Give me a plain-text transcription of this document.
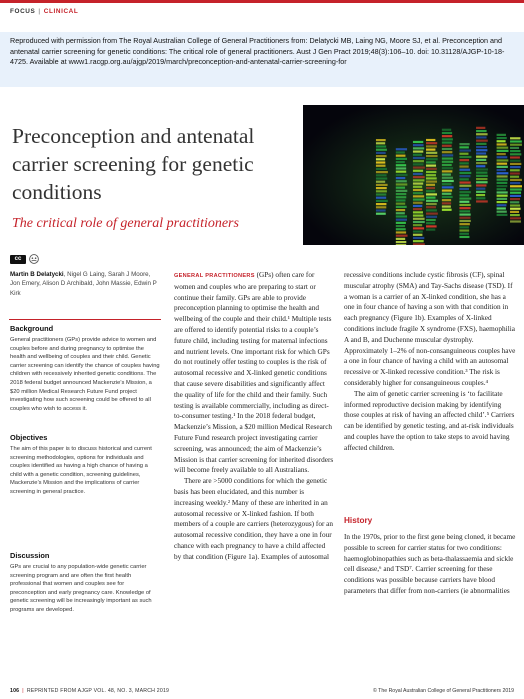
FOCUS | CLINICAL
Reproduced with permission from The Royal Australian College of General Practitioners from: Delatycki MB, Laing NG, Moore SJ, et al. Preconception and antenatal carrier screening for genetic conditions: The critical role of general practitioners. Aust J Gen Pract 2019;48(3):106–10. doi: 10.31128/AJGP-10-18-4725. Available at www1.racgp.org.au/ajgp/2019/march/preconception-and-antenatal-carrier-screening-for
Preconception and antenatal carrier screening for genetic conditions
The critical role of general practitioners
cc
Martin B Delatycki, Nigel G Laing, Sarah J Moore, Jon Emery, Alison D Archibald, John Massie, Edwin P Kirk
Background
General practitioners (GPs) provide advice to women and couples before and during pregnancy to optimise the health and wellbeing of couples and their child. Genetic carrier screening can identify the chance of couples having children with recessively inherited genetic conditions. The 2018 federal budget announced Mackenzie’s Mission, a $20 million Medical Research Future Fund project investigating how such screening could be offered to all couples who wish to access it.
Objectives
The aim of this paper is to discuss historical and current screening methodologies, options for individuals and couples identified as having a high chance of having a child with a genetic condition, screening guidelines, Mackenzie’s Mission and the implications of carrier screening in general practice.
Discussion
GPs are crucial to any population-wide genetic carrier screening program and are often the first health professional that women and couples see for preconception and early pregnancy care. Knowledge of genetic screening will be increasingly important as such programs are developed.
GENERAL PRACTITIONERS (GPs) often care for women and couples who are preparing to start or continue their family. GPs are able to provide preconception planning to optimise the health and wellbeing of the couple and their child.¹ Multiple tests are offered to identify potential risks to a couple’s future child, including testing for maternal infections and nutrient levels. One important risk for which GPs do not routinely offer testing to couples is the risk of autosomal recessive and X-linked genetic conditions that cause severe disabilities and significantly affect the quality of life for the child and their family. Such testing is available commercially, including as direct-to-consumer testing.¹ In the 2018 federal budget, Mackenzie’s Mission, a $20 million Medical Research Future Fund research project investigating carrier screening, was announced; the aim of Mackenzie’s Mission is that carrier screening for inherited disorders will become freely available to all Australians.
There are >5000 conditions for which the genetic basis has been elucidated, and this number is increasing weekly.² Many of these are inherited in an autosomal recessive or X-linked fashion. If both members of a couple are carriers (heterozygous) for an autosomal recessive condition, they have a one in four chance with each pregnancy to have a child affected by that condition (Figure 1a). Examples of autosomal
recessive conditions include cystic fibrosis (CF), spinal muscular atrophy (SMA) and Tay-Sachs disease (TSD). If a woman is a carrier of an X-linked condition, she has a one in four chance of having a son with that condition in each pregnancy (Figure 1b). Examples of X-linked conditions include fragile X syndrome (FXS), haemophilia A and B, and Duchenne muscular dystrophy. Approximately 1–2% of non-consanguineous couples have a one in four chance of having a child with an autosomal recessive or X-linked recessive condition.³ The risk is considerably higher for consanguineous couples.⁴
The aim of genetic carrier screening is ‘to facilitate informed reproductive decision making by identifying those couples at risk of having an affected child’.⁵ Carriers can be identified by genetic testing, and at-risk individuals and couples have the option to take steps to avoid having affected children.
History
In the 1970s, prior to the first gene being cloned, it became possible to screen for carrier status for two conditions: haemoglobinopathies such as beta-thalassaemia and sickle cell disease,⁶ and TSD⁷. Carrier screening for these conditions was possible because carriers have blood parameters that differ from non-carriers (ie abnormalities
106 | REPRINTED FROM AJGP VOL. 48, NO. 3, MARCH 2019	© The Royal Australian College of General Practitioners 2019
